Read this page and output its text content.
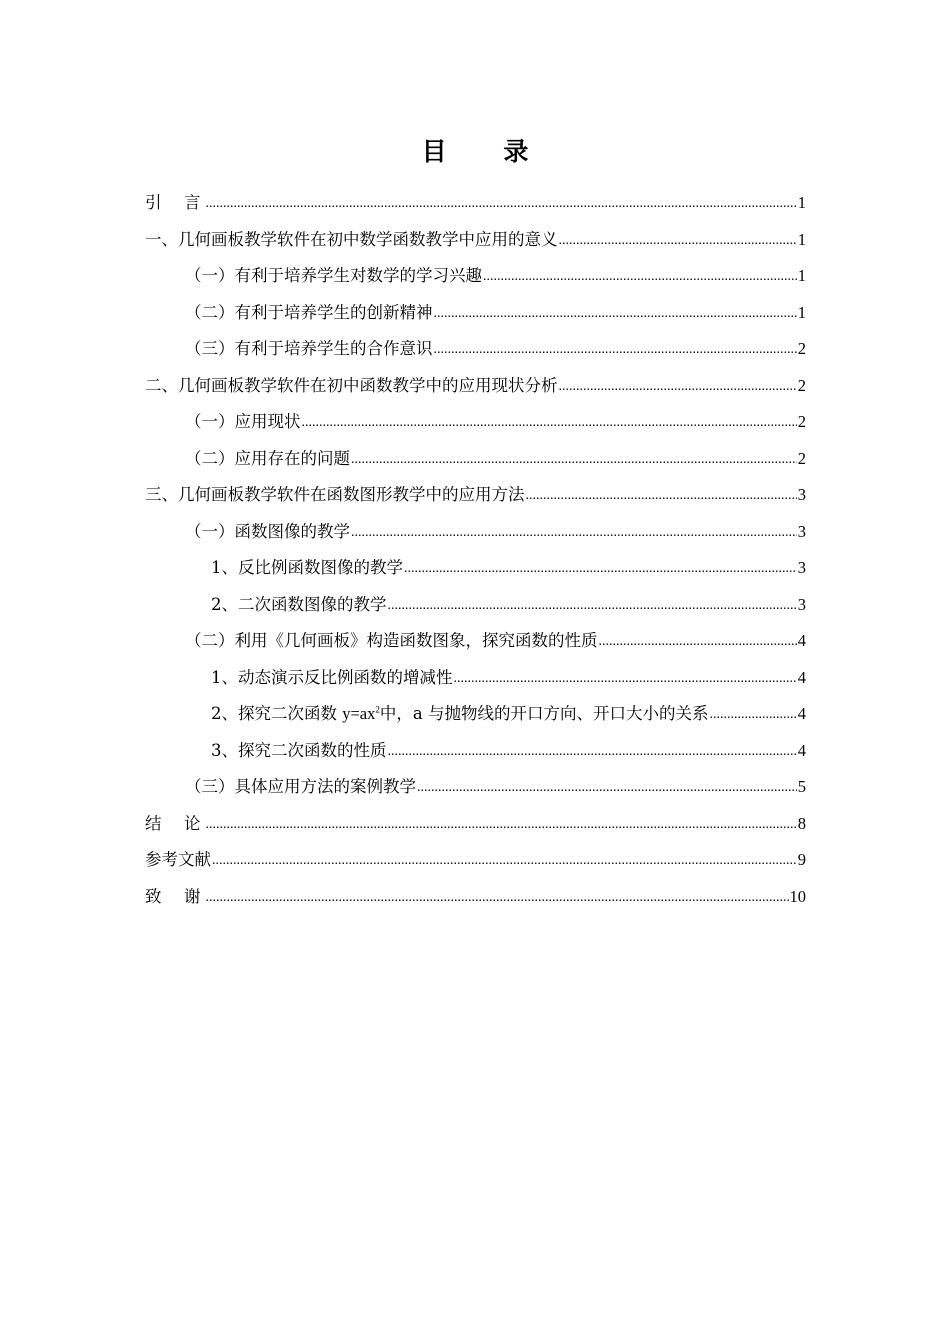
目 录
引  言 .....	1
一、几何画板教学软件在初中数学函数教学中应用的意义 .....	1
（一）有利于培养学生对数学的学习兴趣 .....	1
（二）有利于培养学生的创新精神 .....	1
（三）有利于培养学生的合作意识 .....	2
二、几何画板教学软件在初中函数教学中的应用现状分析 .....	2
（一）应用现状 .....	2
（二）应用存在的问题 .....	2
三、几何画板教学软件在函数图形教学中的应用方法 .....	3
（一）函数图像的教学 .....	3
1、反比例函数图像的教学 .....	3
2、二次函数图像的教学 .....	3
（二）利用《几何画板》构造函数图象，探究函数的性质 .....	4
1、动态演示反比例函数的增减性 .....	4
2、探究二次函数 $y=ax^2$中，a 与抛物线的开口方向、开口大小的关系 .....	4
3、探究二次函数的性质 .....	4
（三）具体应用方法的案例教学 .....	5
结  论 .....	8
参考文献 .....	9
致  谢 .....	10
